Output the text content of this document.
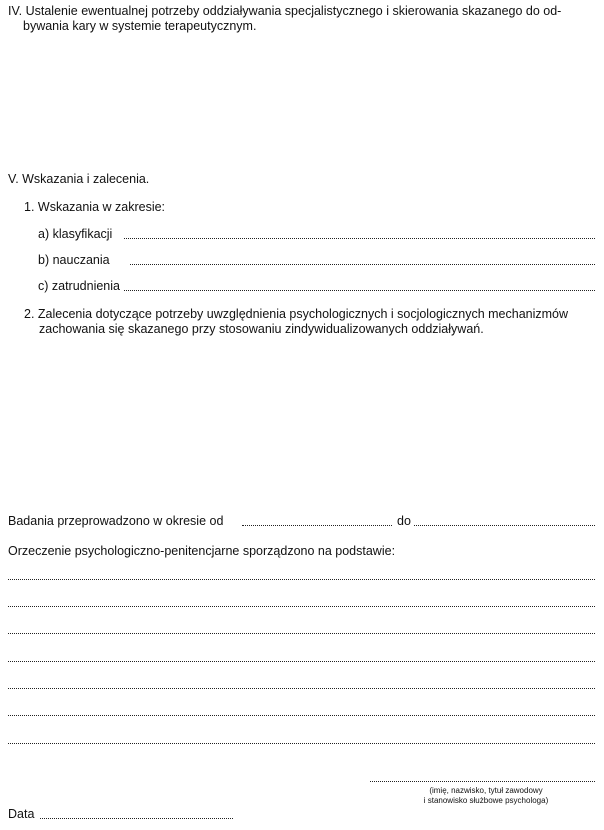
IV. Ustalenie ewentualnej potrzeby oddziaływania specjalistycznego i skierowania skazanego do od-
bywania kary w systemie terapeutycznym.
V. Wskazania i zalecenia.
1. Wskazania w zakresie:
a) klasyfikacji
b) nauczania
c) zatrudnienia
2. Zalecenia dotyczące potrzeby uwzględnienia psychologicznych i socjologicznych mechanizmów
zachowania się skazanego przy stosowaniu zindywidualizowanych oddziaływań.
Badania przeprowadzono w okresie od	do
Orzeczenie psychologiczno-penitencjarne sporządzono na podstawie:
(imię, nazwisko, tytuł zawodowy
i stanowisko służbowe psychologa)
Data
